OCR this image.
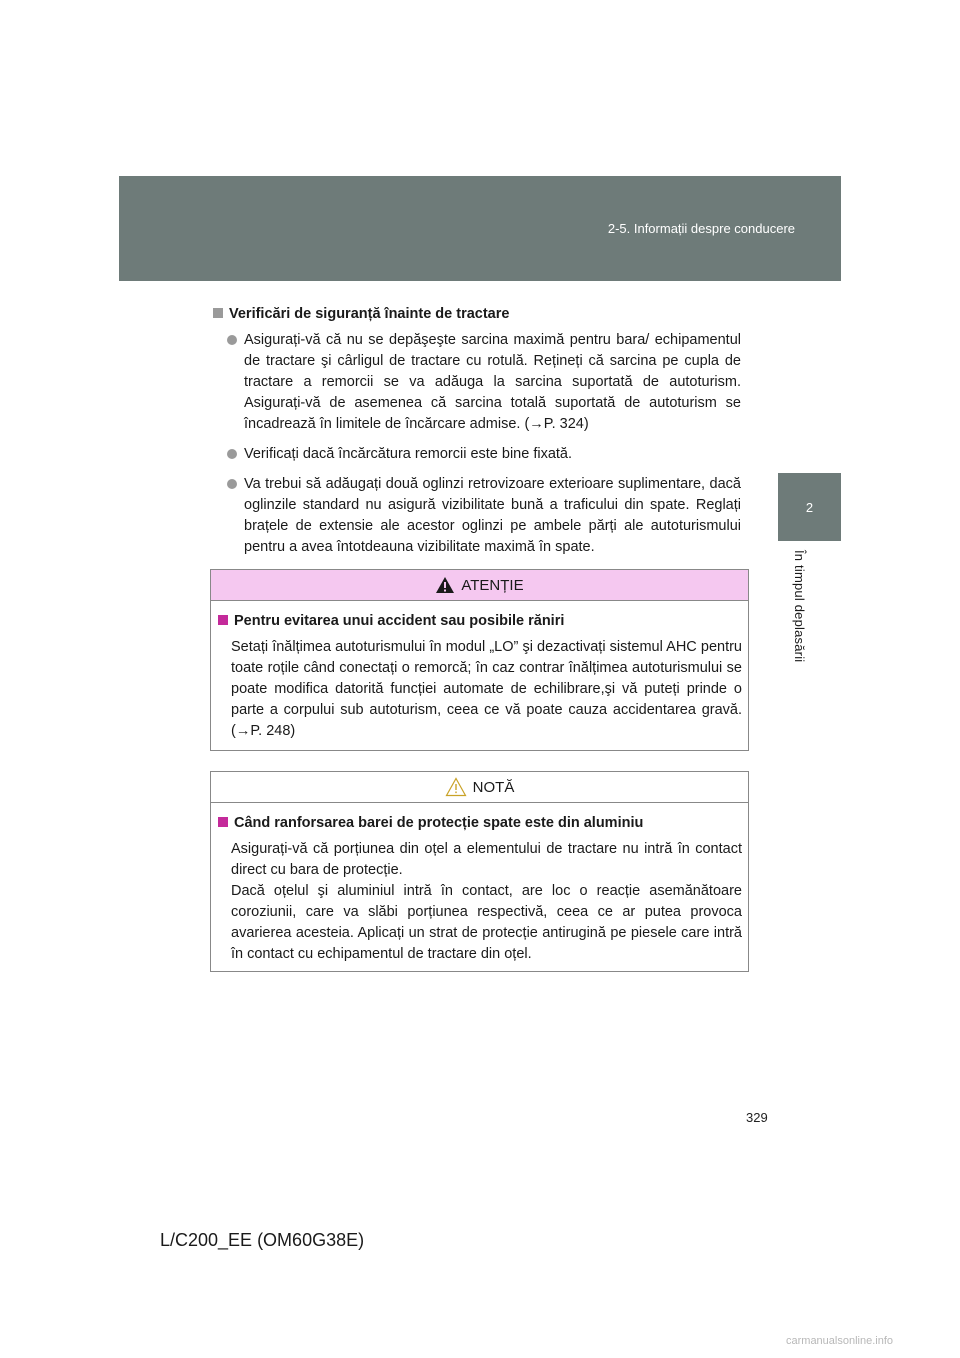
2-5. Informații despre conducere
2
În timpul deplasării
Verificări de siguranță înainte de tractare
Asigurați-vă că nu se depăşeşte sarcina maximă pentru bara/ echipamentul de tractare şi cârligul de tractare cu rotulă. Rețineți că sarcina pe cupla de tractare a remorcii se va adăuga la sarcina suportată de autoturism. Asigurați-vă de asemenea că sarcina totală suportată de autoturism se încadrează în limitele de încărcare admise. (→P. 324)
Verificați dacă încărcătura remorcii este bine fixată.
Va trebui să adăugați două oglinzi retrovizoare exterioare suplimentare, dacă oglinzile standard nu asigură vizibilitate bună a traficului din spate. Reglați brațele de extensie ale acestor oglinzi pe ambele părți ale autoturismului pentru a avea întotdeauna vizibilitate maximă în spate.
ATENȚIE
Pentru evitarea unui accident sau posibile răniri
Setați înălțimea autoturismului în modul „LO” şi dezactivați sistemul AHC pentru toate roțile când conectați o remorcă; în caz contrar înălțimea autoturismului se poate modifica datorită funcției automate de echilibrare,şi vă puteți prinde o parte a corpului sub autoturism, ceea ce vă poate cauza accidentarea gravă. (→P. 248)
NOTĂ
Când ranforsarea barei de protecție spate este din aluminiu
Asigurați-vă că porțiunea din oțel a elementului de tractare nu intră în contact direct cu bara de protecție.
Dacă oțelul şi aluminiul intră în contact, are loc o reacție asemănătoare coroziunii, care va slăbi porțiunea respectivă, ceea ce ar putea provoca avarierea acesteia. Aplicați un strat de protecție antirugină pe piesele care intră în contact cu echipamentul de tractare din oțel.
329
L/C200_EE (OM60G38E)
carmanualsonline.info
